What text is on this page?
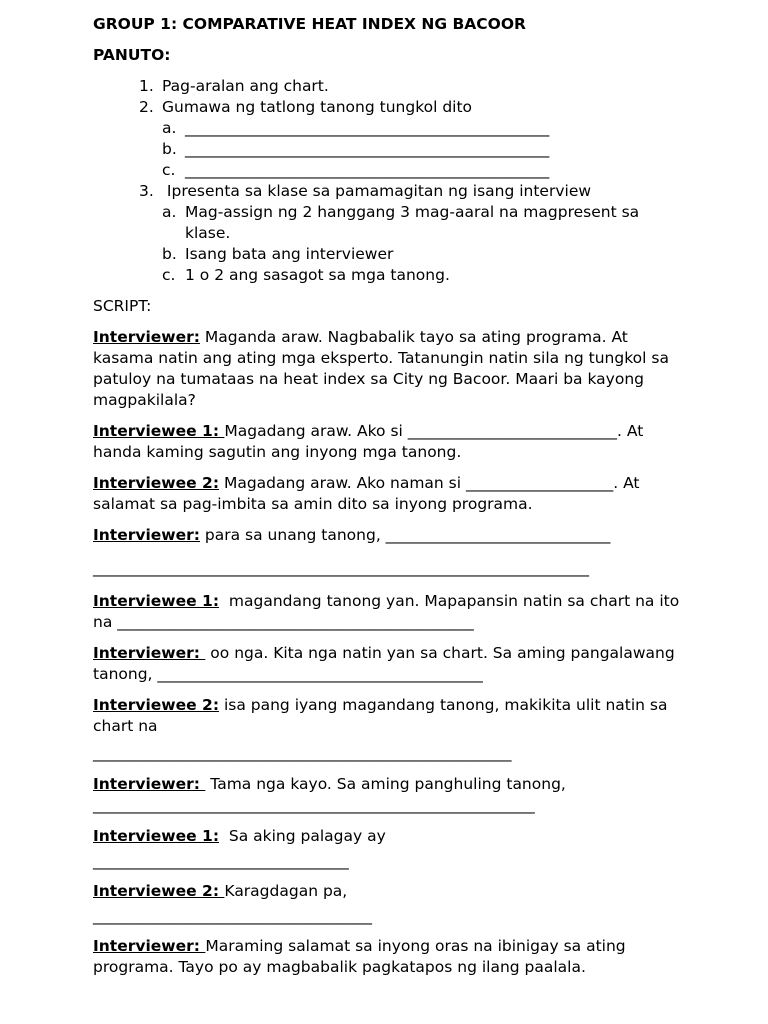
GROUP 1: COMPARATIVE HEAT INDEX NG BACOOR

PANUTO:

1. Pag-aralan ang chart.
2. Gumawa ng tatlong tanong tungkol dito
a. _______________________________________________
b. _______________________________________________
c. _______________________________________________
3. Ipresenta sa klase sa pamamagitan ng isang interview
a. Mag-assign ng 2 hanggang 3 mag-aaral na magpresent sa klase.
b. Isang bata ang interviewer
c. 1 o 2 ang sasagot sa mga tanong.

SCRIPT:

Interviewer: Maganda araw. Nagbabalik tayo sa ating programa. At kasama natin ang ating mga eksperto. Tatanungin natin sila ng tungkol sa patuloy na tumataas na heat index sa City ng Bacoor. Maari ba kayong magpakilala?

Interviewee 1: Magadang araw. Ako si ___________________________. At handa kaming sagutin ang inyong mga tanong.

Interviewee 2: Magadang araw. Ako naman si ___________________. At salamat sa pag-imbita sa amin dito sa inyong programa.

Interviewer: para sa unang tanong, _____________________________

________________________________________________________________

Interviewee 1:  magandang tanong yan. Mapapansin natin sa chart na ito na ______________________________________________

Interviewer:  oo nga. Kita nga natin yan sa chart. Sa aming pangalawang tanong, __________________________________________

Interviewee 2: isa pang iyang magandang tanong, makikita ulit natin sa chart na

______________________________________________________

Interviewer:  Tama nga kayo. Sa aming panghuling tanong,

_________________________________________________________

Interviewee 1:  Sa aking palagay ay

_________________________________

Interviewee 2: Karagdagan pa,

____________________________________

Interviewer: Maraming salamat sa inyong oras na ibinigay sa ating programa. Tayo po ay magbabalik pagkatapos ng ilang paalala.
